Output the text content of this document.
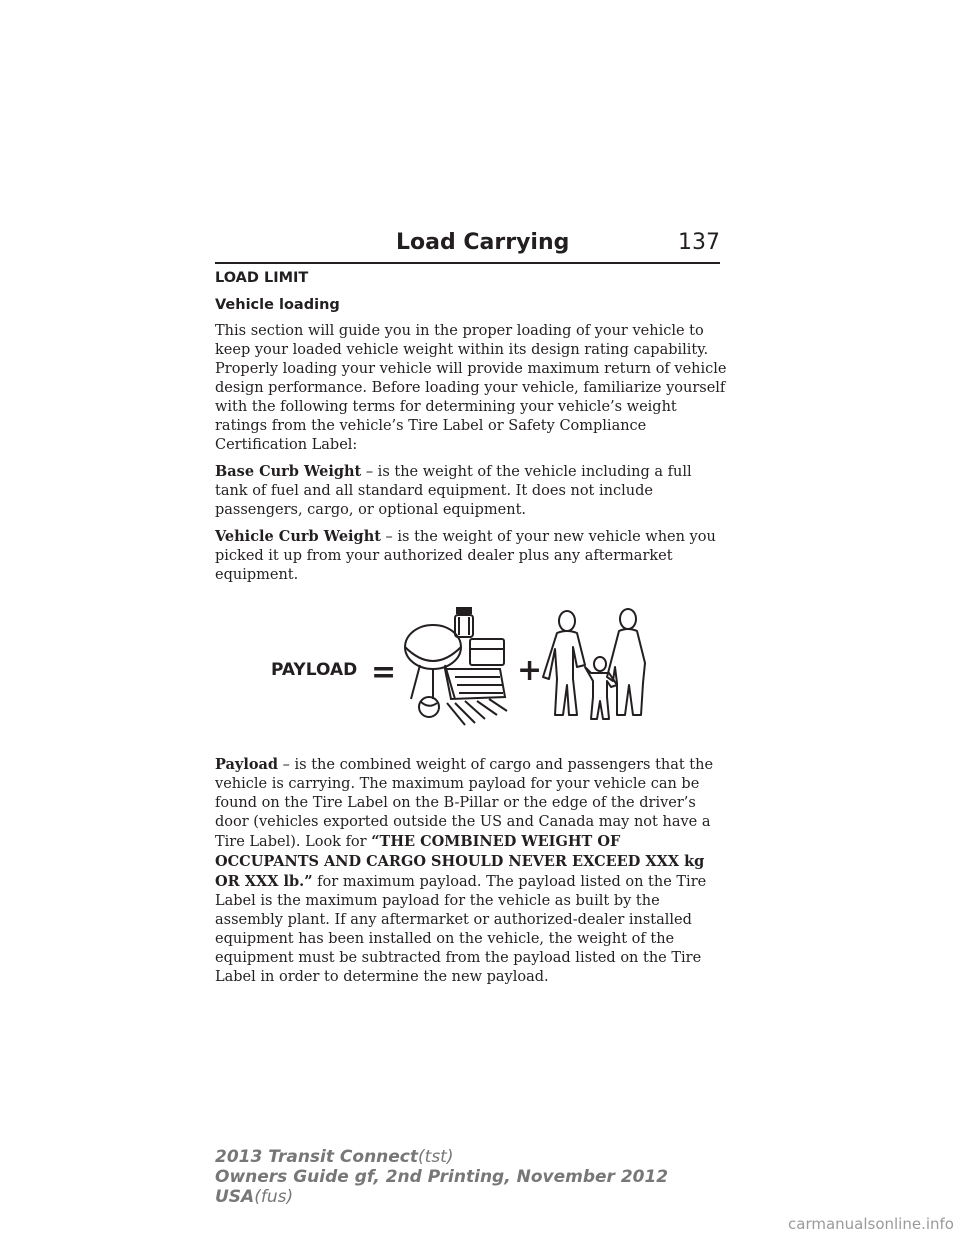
Load Carrying	137
LOAD LIMIT
Vehicle loading

This section will guide you in the proper loading of your vehicle to keep your loaded vehicle weight within its design rating capability. Properly loading your vehicle will provide maximum return of vehicle design performance. Before loading your vehicle, familiarize yourself with the following terms for determining your vehicle’s weight ratings from the vehicle’s Tire Label or Safety Compliance Certification Label:

Base Curb Weight – is the weight of the vehicle including a full tank of fuel and all standard equipment. It does not include passengers, cargo, or optional equipment.

Vehicle Curb Weight – is the weight of your new vehicle when you picked it up from your authorized dealer plus any aftermarket equipment.

PAYLOAD =	+

Payload – is the combined weight of cargo and passengers that the vehicle is carrying. The maximum payload for your vehicle can be found on the Tire Label on the B-Pillar or the edge of the driver’s door (vehicles exported outside the US and Canada may not have a Tire Label). Look for “THE COMBINED WEIGHT OF OCCUPANTS AND CARGO SHOULD NEVER EXCEED XXX kg OR XXX lb.” for maximum payload. The payload listed on the Tire Label is the maximum payload for the vehicle as built by the assembly plant. If any aftermarket or authorized-dealer installed equipment has been installed on the vehicle, the weight of the equipment must be subtracted from the payload listed on the Tire Label in order to determine the new payload.

2013 Transit Connect(tst)
Owners Guide gf, 2nd Printing, November 2012
USA(fus)
carmanualsonline.info
